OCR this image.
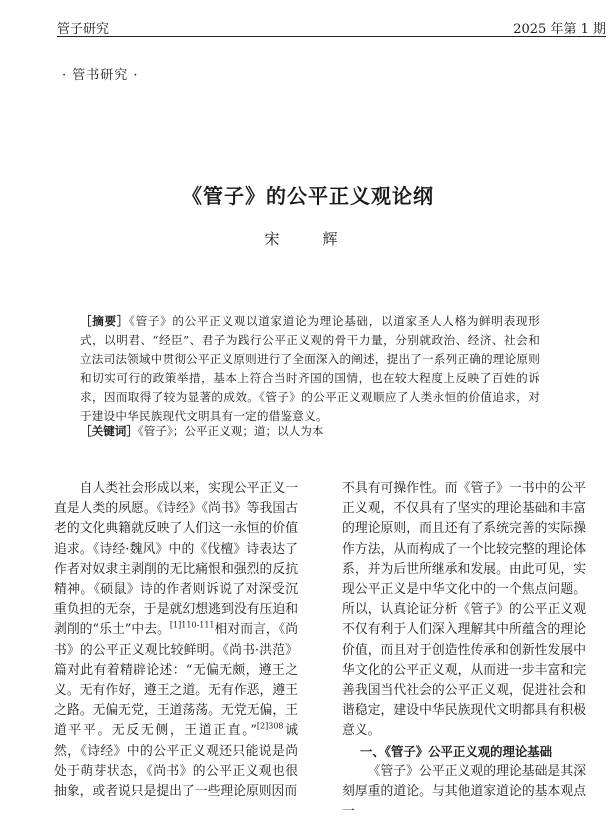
管子研究	2025 年第 1 期
· 管书研究 ·
《管子》的公平正义观论纲
宋　辉
［摘要］《管子》的公平正义观以道家道论为理论基础，以道家圣人人格为鲜明表现形式，以明君、“经臣”、君子为践行公平正义观的骨干力量，分别就政治、经济、社会和立法司法领域中贯彻公平正义原则进行了全面深入的阐述，提出了一系列正确的理论原则和切实可行的政策举措，基本上符合当时齐国的国情，也在较大程度上反映了百姓的诉求，因而取得了较为显著的成效。《管子》的公平正义观顺应了人类永恒的价值追求，对于建设中华民族现代文明具有一定的借鉴意义。
［关键词］《管子》；公平正义观；道；以人为本

自人类社会形成以来，实现公平正义一直是人类的夙愿。《诗经》《尚书》等我国古老的文化典籍就反映了人们这一永恒的价值追求。《诗经·魏风》中的《伐檀》诗表达了作者对奴隶主剥削的无比痛恨和强烈的反抗精神。《硕鼠》诗的作者则诉说了对深受沉重负担的无奈，于是就幻想逃到没有压迫和剥削的“乐土”中去。$^{[1]110-111}$相对而言，《尚书》的公平正义观比较鲜明。《尚书·洪范》篇对此有着精辟论述：“无偏无颇，遵王之义。无有作好，遵王之道。无有作恶，遵王之路。无偏无党，王道荡荡。无党无偏，王道平平。无反无侧，王道正直。”$^{[2]308}$诚然，《诗经》中的公平正义观还只能说是尚处于萌芽状态，《尚书》的公平正义观也很抽象，或者说只是提出了一些理论原则因而

不具有可操作性。而《管子》一书中的公平正义观，不仅具有了坚实的理论基础和丰富的理论原则，而且还有了系统完善的实际操作方法，从而构成了一个比较完整的理论体系，并为后世所继承和发展。由此可见，实现公平正义是中华文化中的一个焦点问题。所以，认真论证分析《管子》的公平正义观不仅有利于人们深入理解其中所蕴含的理论价值，而且对于创造性传承和创新性发展中华文化的公平正义观，从而进一步丰富和完善我国当代社会的公平正义观，促进社会和谐稳定，建设中华民族现代文明都具有积极意义。

一、《管子》公平正义观的理论基础

《管子》公平正义观的理论基础是其深刻厚重的道论。与其他道家道论的基本观点一
